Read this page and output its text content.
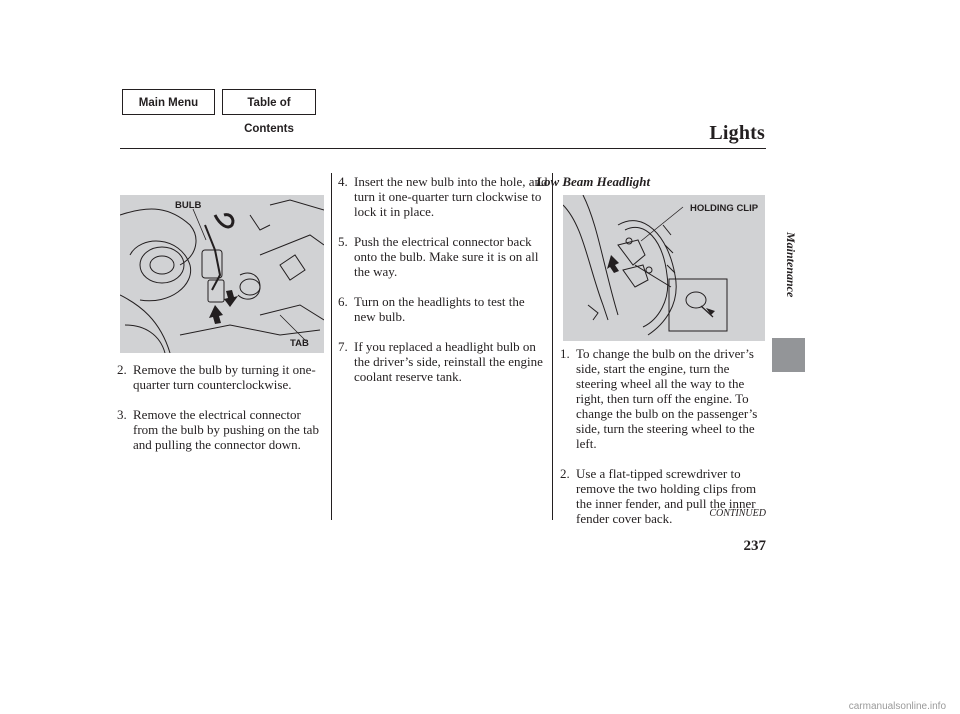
Main Menu	Table of Contents	Lights
Low Beam Headlight
BULB
TAB
HOLDING CLIP
2. Remove the bulb by turning it one-quarter turn counterclockwise.
3. Remove the electrical connector from the bulb by pushing on the tab and pulling the connector down.
4. Insert the new bulb into the hole, and turn it one-quarter turn clockwise to lock it in place.
5. Push the electrical connector back onto the bulb. Make sure it is on all the way.
6. Turn on the headlights to test the new bulb.
7. If you replaced a headlight bulb on the driver’s side, reinstall the engine coolant reserve tank.
1. To change the bulb on the driver’s side, start the engine, turn the steering wheel all the way to the right, then turn off the engine. To change the bulb on the passenger’s side, turn the steering wheel to the left.
2. Use a flat-tipped screwdriver to remove the two holding clips from the inner fender, and pull the inner fender cover back.	CONTINUED
237
Maintenance
carmanualsonline.info
